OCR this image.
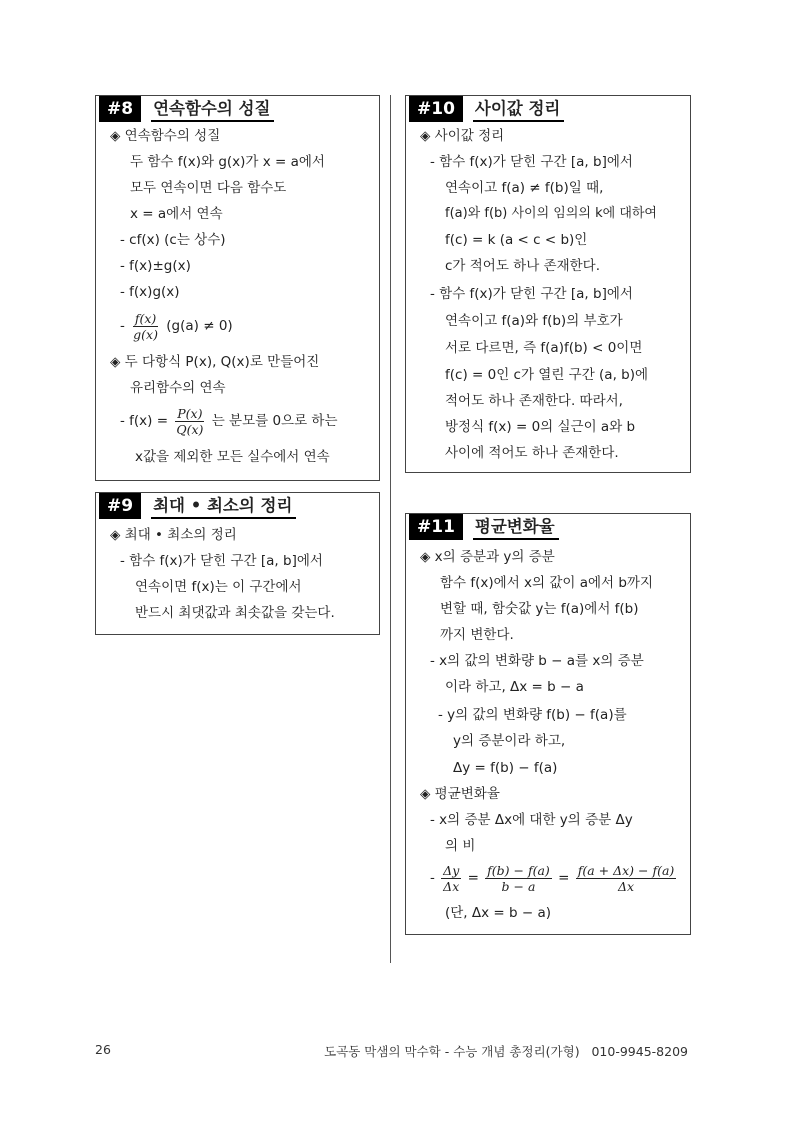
#8	연속함수의 성질
◈ 연속함수의 성질
두 함수 f(x)와 g(x)가 x = a에서
모두 연속이면 다음 함수도
x = a에서 연속
- cf(x) (c는 상수)
- f(x)±g(x)
- f(x)g(x)
- $\frac{f(x)}{g(x)} (g(a) \ne 0)$
◈ 두 다항식 P(x), Q(x)로 만들어진
유리함수의 연속
- $f(x) = \frac{P(x)}{Q(x)}$ 는 분모를 0으로 하는
x값을 제외한 모든 실수에서 연속
#9	최대 • 최소의 정리
◈ 최대 • 최소의 정리
- 함수 f(x)가 닫힌 구간 [a, b]에서
연속이면 f(x)는 이 구간에서
반드시 최댓값과 최솟값을 갖는다.
#10	사이값 정리
◈ 사이값 정리
- 함수 f(x)가 닫힌 구간 [a, b]에서
연속이고 f(a) ≠ f(b)일 때,
f(a)와 f(b) 사이의 임의의 k에 대하여
f(c) = k (a < c < b)인
c가 적어도 하나 존재한다.
- 함수 f(x)가 닫힌 구간 [a, b]에서
연속이고 f(a)와 f(b)의 부호가
서로 다르면, 즉 f(a)f(b) < 0이면
f(c) = 0인 c가 열린 구간 (a, b)에
적어도 하나 존재한다. 따라서,
방정식 f(x) = 0의 실근이 a와 b
사이에 적어도 하나 존재한다.
#11	평균변화율
◈ x의 증분과 y의 증분
함수 f(x)에서 x의 값이 a에서 b까지
변할 때, 함숫값 y는 f(a)에서 f(b)
까지 변한다.
- x의 값의 변화량 b − a를 x의 증분
이라 하고, Δx = b − a
- y의 값의 변화량 f(b) − f(a)를
y의 증분이라 하고,
Δy = f(b) − f(a)
◈ 평균변화율
- x의 증분 Δx에 대한 y의 증분 Δy
의 비
- $\frac{\Delta y}{\Delta x} = \frac{f(b) - f(a)}{b - a} = \frac{f(a + \Delta x) - f(a)}{\Delta x}$
(단, Δx = b − a)
26	도곡동 막샘의 막수학 - 수능 개념 총정리(가형)   010-9945-8209
